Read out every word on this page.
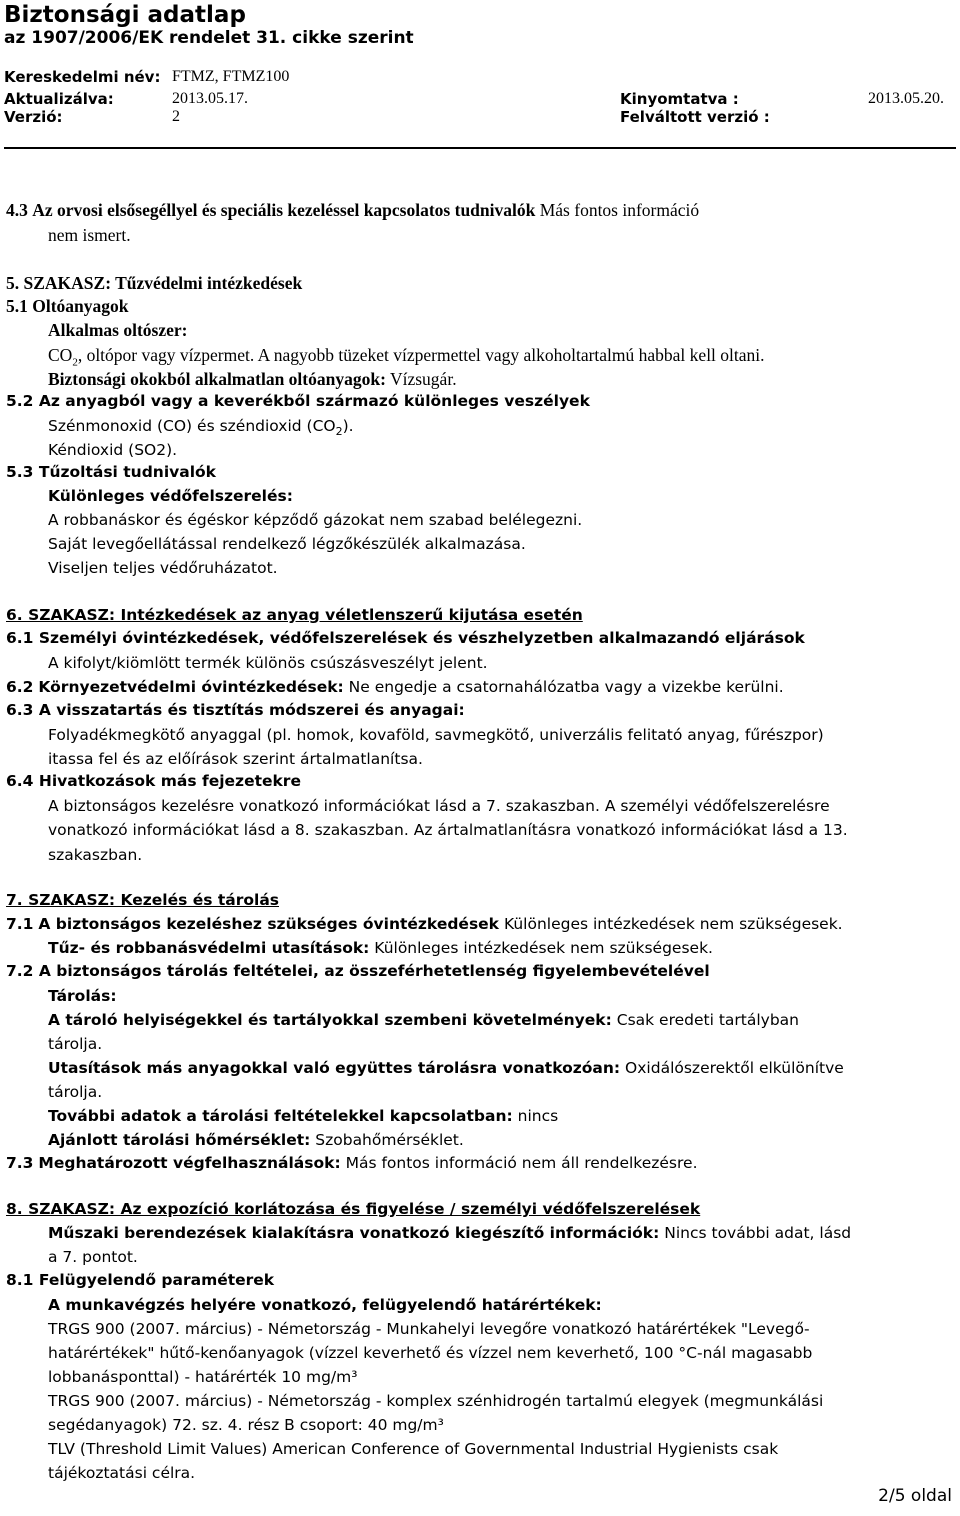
Biztonsági adatlap
az 1907/2006/EK rendelet 31. cikke szerint
Kereskedelmi név: FTMZ, FTMZ100
Aktualizálva:	2013.05.17.	Kinyomtatva :	2013.05.20.
Verzió:	2	Felváltott verzió :
4.3 Az orvosi elsősegéllyel és speciális kezeléssel kapcsolatos tudnivalók Más fontos információ
nem ismert.
5. SZAKASZ: Tűzvédelmi intézkedések
5.1 Oltóanyagok
Alkalmas oltószer:
$CO_2$, oltópor vagy vízpermet. A nagyobb tüzeket vízpermettel vagy alkoholtartalmú habbal kell oltani.
Biztonsági okokból alkalmatlan oltóanyagok: Vízsugár.
5.2 Az anyagból vagy a keverékből származó különleges veszélyek
Szénmonoxid (CO) és széndioxid $(CO_2)$.
Kéndioxid (SO2).
5.3 Tűzoltási tudnivalók
Különleges védőfelszerelés:
A robbanáskor és égéskor képződő gázokat nem szabad belélegezni.
Saját levegőellátással rendelkező légzőkészülék alkalmazása.
Viseljen teljes védőruházatot.
6. SZAKASZ: Intézkedések az anyag véletlenszerű kijutása esetén
6.1 Személyi óvintézkedések, védőfelszerelések és vészhelyzetben alkalmazandó eljárások
A kifolyt/kiömlött termék különös csúszásveszélyt jelent.
6.2 Környezetvédelmi óvintézkedések: Ne engedje a csatornahálózatba vagy a vizekbe kerülni.
6.3 A visszatartás és tisztítás módszerei és anyagai:
Folyadékmegkötő anyaggal (pl. homok, kovaföld, savmegkötő, univerzális felitató anyag, fűrészpor)
itassa fel és az előírások szerint ártalmatlanítsa.
6.4 Hivatkozások más fejezetekre
A biztonságos kezelésre vonatkozó információkat lásd a 7. szakaszban. A személyi védőfelszerelésre
vonatkozó információkat lásd a 8. szakaszban. Az ártalmatlanításra vonatkozó információkat lásd a 13.
szakaszban.
7. SZAKASZ: Kezelés és tárolás
7.1 A biztonságos kezeléshez szükséges óvintézkedések Különleges intézkedések nem szükségesek.
Tűz- és robbanásvédelmi utasítások: Különleges intézkedések nem szükségesek.
7.2 A biztonságos tárolás feltételei, az összeférhetetlenség figyelembevételével
Tárolás:
A tároló helyiségekkel és tartályokkal szembeni követelmények: Csak eredeti tartályban
tárolja.
Utasítások más anyagokkal való együttes tárolásra vonatkozóan: Oxidálószerektől elkülönítve
tárolja.
További adatok a tárolási feltételekkel kapcsolatban: nincs
Ajánlott tárolási hőmérséklet: Szobahőmérséklet.
7.3 Meghatározott végfelhasználások: Más fontos információ nem áll rendelkezésre.
8. SZAKASZ: Az expozíció korlátozása és figyelése / személyi védőfelszerelések
Műszaki berendezések kialakításra vonatkozó kiegészítő információk: Nincs további adat, lásd
a 7. pontot.
8.1 Felügyelendő paraméterek
A munkavégzés helyére vonatkozó, felügyelendő határértékek:
TRGS 900 (2007. március) - Németország - Munkahelyi levegőre vonatkozó határértékek "Levegő-
határértékek" hűtő-kenőanyagok (vízzel keverhető és vízzel nem keverhető, 100 °C-nál magasabb
lobbanásponttal) - határérték 10 mg/m³
TRGS 900 (2007. március) - Németország - komplex szénhidrogén tartalmú elegyek (megmunkálási
segédanyagok) 72. sz. 4. rész B csoport: 40 mg/m³
TLV (Threshold Limit Values) American Conference of Governmental Industrial Hygienists csak
tájékoztatási célra.
2/5 oldal
